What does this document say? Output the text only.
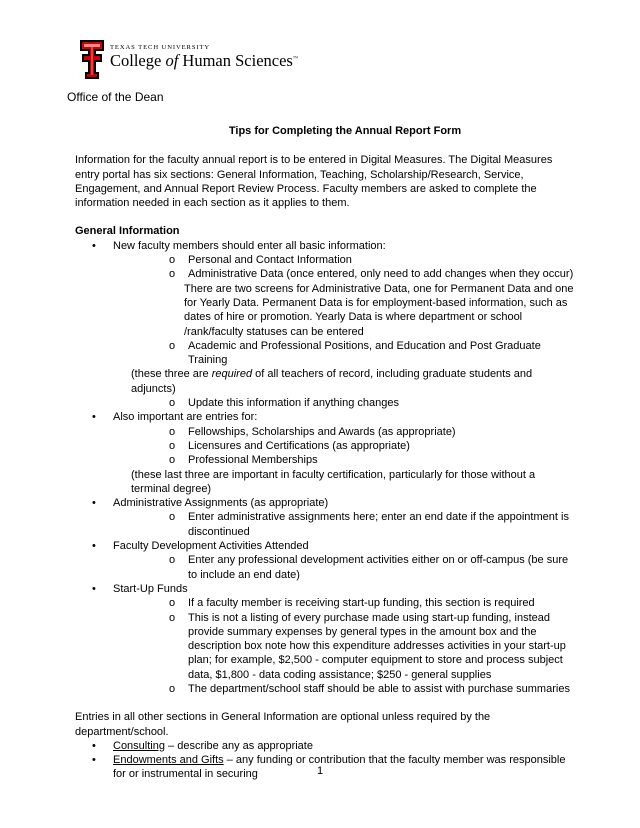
TEXAS TECH UNIVERSITY
College of Human Sciences™
Office of the Dean

Tips for Completing the Annual Report Form

Information for the faculty annual report is to be entered in Digital Measures. The Digital Measures entry portal has six sections: General Information, Teaching, Scholarship/Research, Service, Engagement, and Annual Report Review Process. Faculty members are asked to complete the information needed in each section as it applies to them.

General Information

• New faculty members should enter all basic information:
o Personal and Contact Information
o Administrative Data (once entered, only need to add changes when they occur)
There are two screens for Administrative Data, one for Permanent Data and one for Yearly Data. Permanent Data is for employment-based information, such as dates of hire or promotion. Yearly Data is where department or school /rank/faculty statuses can be entered
o Academic and Professional Positions, and Education and Post Graduate Training

(these three are required of all teachers of record, including graduate students and adjuncts)

o Update this information if anything changes
• Also important are entries for:
o Fellowships, Scholarships and Awards (as appropriate)
o Licensures and Certifications (as appropriate)
o Professional Memberships

(these last three are important in faculty certification, particularly for those without a terminal degree)

• Administrative Assignments (as appropriate)
o Enter administrative assignments here; enter an end date if the appointment is discontinued
• Faculty Development Activities Attended
o Enter any professional development activities either on or off-campus (be sure to include an end date)
• Start-Up Funds
o If a faculty member is receiving start-up funding, this section is required
o This is not a listing of every purchase made using start-up funding, instead provide summary expenses by general types in the amount box and the description box note how this expenditure addresses activities in your start-up plan; for example, $2,500 - computer equipment to store and process subject data, $1,800 - data coding assistance; $250 - general supplies
o The department/school staff should be able to assist with purchase summaries

Entries in all other sections in General Information are optional unless required by the department/school.

• Consulting – describe any as appropriate
• Endowments and Gifts – any funding or contribution that the faculty member was responsible for or instrumental in securing	1
